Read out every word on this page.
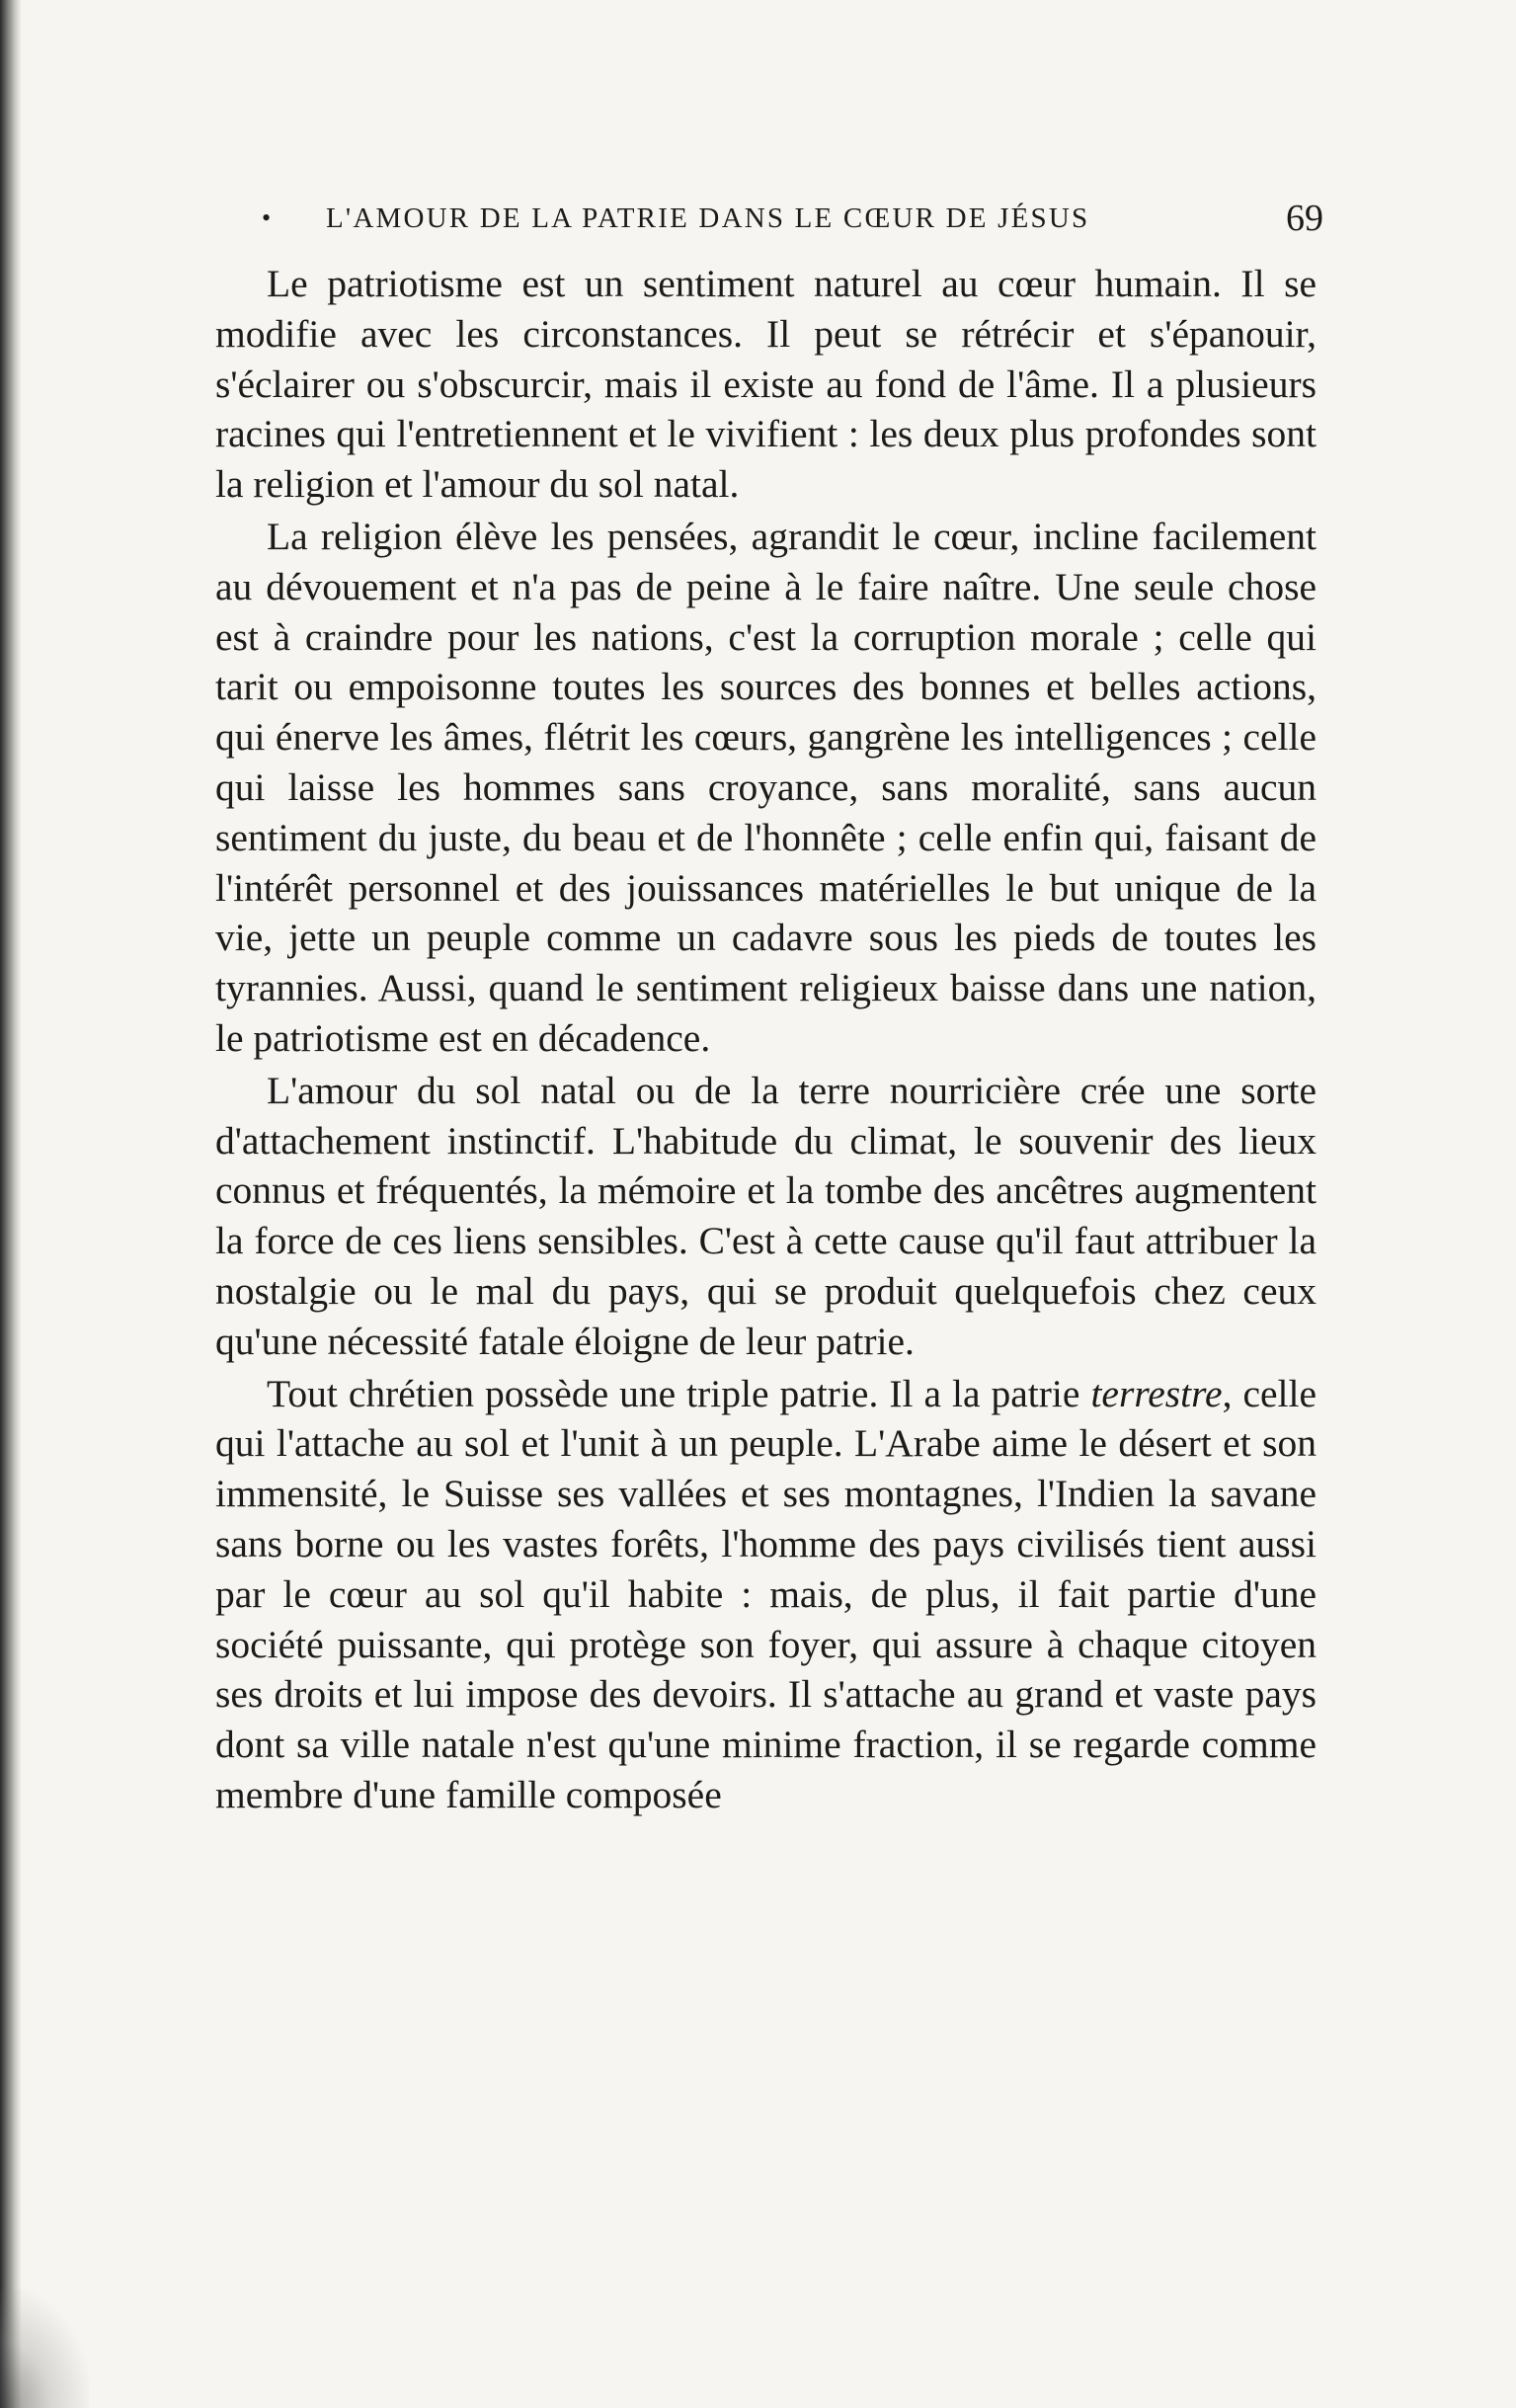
• L'AMOUR DE LA PATRIE DANS LE CŒUR DE JÉSUS	69

Le patriotisme est un sentiment naturel au cœur humain. Il se modifie avec les circonstances. Il peut se rétrécir et s'épanouir, s'éclairer ou s'obscurcir, mais il existe au fond de l'âme. Il a plusieurs racines qui l'entretiennent et le vivifient : les deux plus profondes sont la religion et l'amour du sol natal.

La religion élève les pensées, agrandit le cœur, incline facilement au dévouement et n'a pas de peine à le faire naître. Une seule chose est à craindre pour les nations, c'est la corruption morale ; celle qui tarit ou empoisonne toutes les sources des bonnes et belles actions, qui énerve les âmes, flétrit les cœurs, gangrène les intelligences ; celle qui laisse les hommes sans croyance, sans moralité, sans aucun sentiment du juste, du beau et de l'honnête ; celle enfin qui, faisant de l'intérêt personnel et des jouissances matérielles le but unique de la vie, jette un peuple comme un cadavre sous les pieds de toutes les tyrannies. Aussi, quand le sentiment religieux baisse dans une nation, le patriotisme est en décadence.

L'amour du sol natal ou de la terre nourricière crée une sorte d'attachement instinctif. L'habitude du climat, le souvenir des lieux connus et fréquentés, la mémoire et la tombe des ancêtres augmentent la force de ces liens sensibles. C'est à cette cause qu'il faut attribuer la nostalgie ou le mal du pays, qui se produit quelquefois chez ceux qu'une nécessité fatale éloigne de leur patrie.

Tout chrétien possède une triple patrie. Il a la patrie terrestre, celle qui l'attache au sol et l'unit à un peuple. L'Arabe aime le désert et son immensité, le Suisse ses vallées et ses montagnes, l'Indien la savane sans borne ou les vastes forêts, l'homme des pays civilisés tient aussi par le cœur au sol qu'il habite : mais, de plus, il fait partie d'une société puissante, qui protège son foyer, qui assure à chaque citoyen ses droits et lui impose des devoirs. Il s'attache au grand et vaste pays dont sa ville natale n'est qu'une minime fraction, il se regarde comme membre d'une famille composée
